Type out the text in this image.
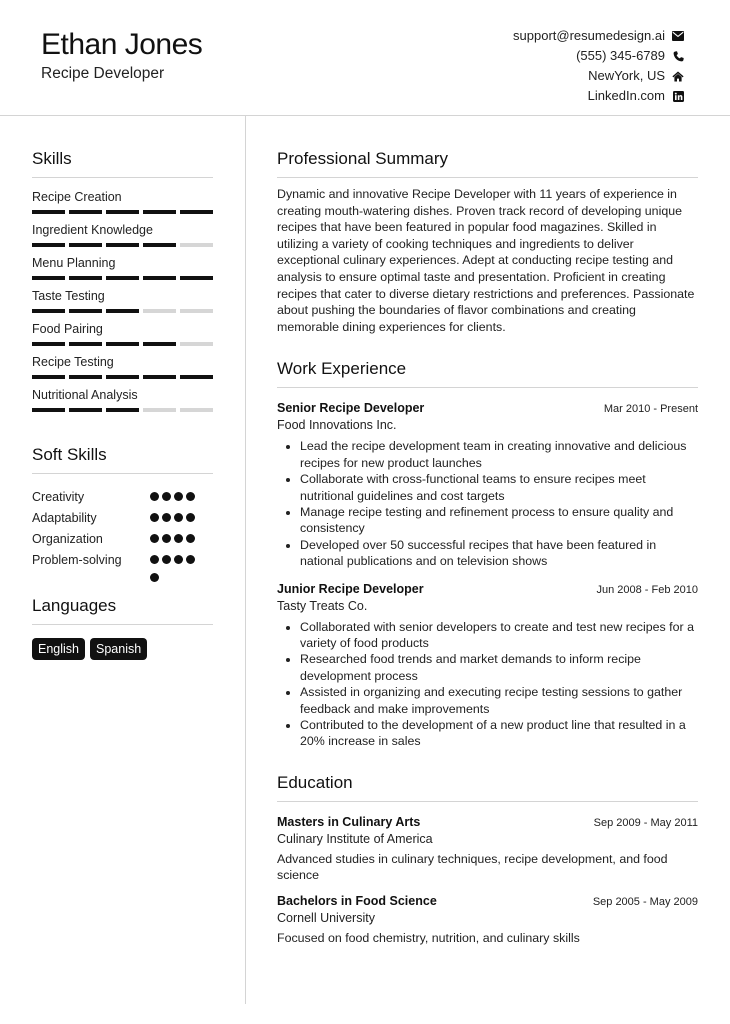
Ethan Jones
Recipe Developer
support@resumedesign.ai
(555) 345-6789
NewYork, US
LinkedIn.com
Skills
Recipe Creation
Ingredient Knowledge
Menu Planning
Taste Testing
Food Pairing
Recipe Testing
Nutritional Analysis
Soft Skills
Creativity
Adaptability
Organization
Problem-solving
Languages
English	Spanish
Professional Summary
Dynamic and innovative Recipe Developer with 11 years of experience in creating mouth-watering dishes. Proven track record of developing unique recipes that have been featured in popular food magazines. Skilled in utilizing a variety of cooking techniques and ingredients to deliver exceptional culinary experiences. Adept at conducting recipe testing and analysis to ensure optimal taste and presentation. Proficient in creating recipes that cater to diverse dietary restrictions and preferences. Passionate about pushing the boundaries of flavor combinations and creating memorable dining experiences for clients.
Work Experience
Senior Recipe Developer	Mar 2010 - Present
Food Innovations Inc.
• Lead the recipe development team in creating innovative and delicious recipes for new product launches
• Collaborate with cross-functional teams to ensure recipes meet nutritional guidelines and cost targets
• Manage recipe testing and refinement process to ensure quality and consistency
• Developed over 50 successful recipes that have been featured in national publications and on television shows
Junior Recipe Developer	Jun 2008 - Feb 2010
Tasty Treats Co.
• Collaborated with senior developers to create and test new recipes for a variety of food products
• Researched food trends and market demands to inform recipe development process
• Assisted in organizing and executing recipe testing sessions to gather feedback and make improvements
• Contributed to the development of a new product line that resulted in a 20% increase in sales
Education
Masters in Culinary Arts	Sep 2009 - May 2011
Culinary Institute of America
Advanced studies in culinary techniques, recipe development, and food science
Bachelors in Food Science	Sep 2005 - May 2009
Cornell University
Focused on food chemistry, nutrition, and culinary skills
